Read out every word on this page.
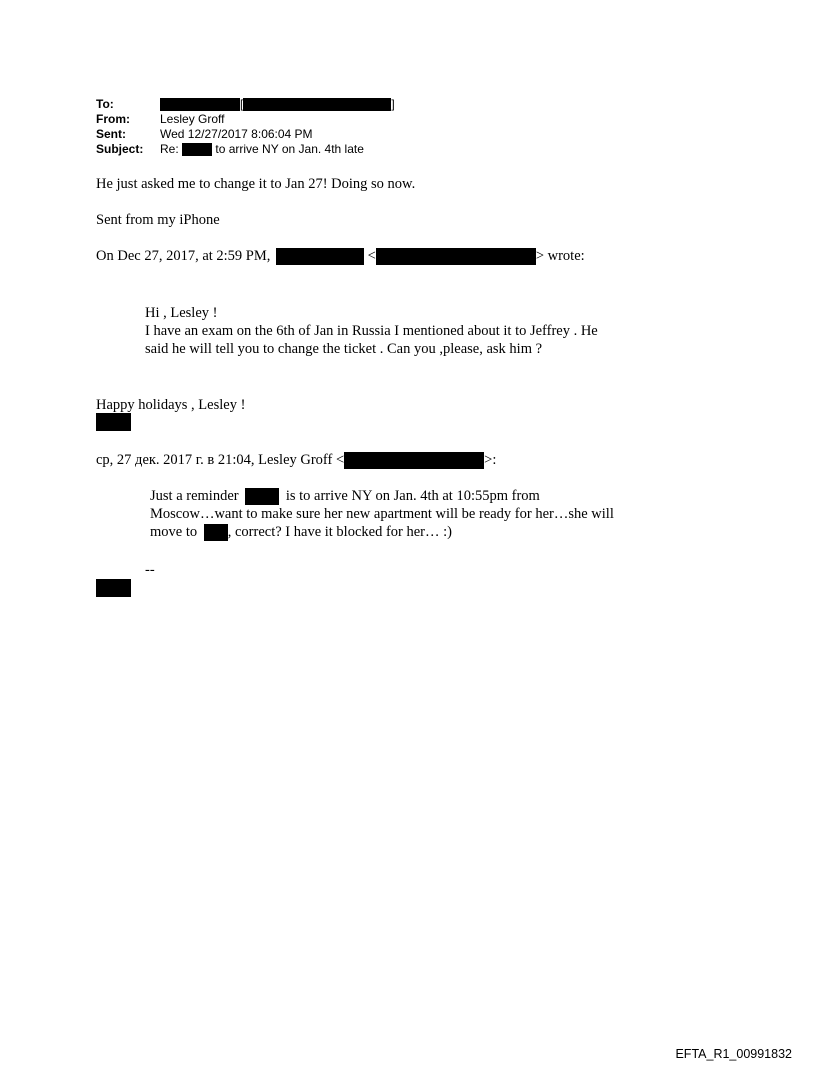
To:	[	]
From:	Lesley Groff
Sent:	Wed 12/27/2017 8:06:04 PM
Subject: Re:	to arrive NY on Jan. 4th late
He just asked me to change it to Jan 27! Doing so now.
Sent from my iPhone
On Dec 27, 2017, at 2:59 PM,	<	> wrote:
Hi , Lesley !
I have an exam on the 6th of Jan in Russia I mentioned about it to Jeffrey . He
said he will tell you to change the ticket . Can you ,please, ask him ?
Happy holidays , Lesley !
ср, 27 дек. 2017 г. в 21:04, Lesley Groff <	>:
Just a reminder	is to arrive NY on Jan. 4th at 10:55pm from
Moscow…want to make sure her new apartment will be ready for her…she will
move to , correct? I have it blocked for her… :)
--
EFTA_R1_00991832
